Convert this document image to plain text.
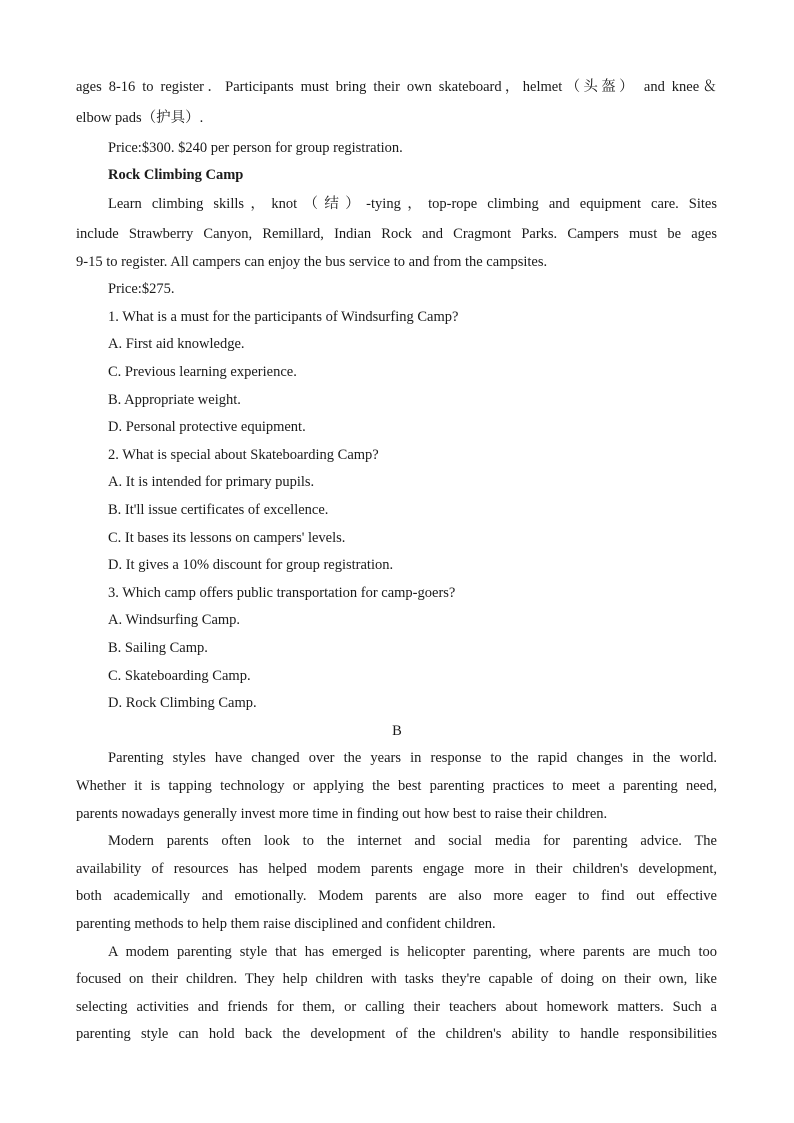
ages 8-16 to register．Participants must bring their own skateboard，helmet（头盔） and knee＆
elbow pads（护具）.
Price:$300. $240 per person for group registration.
Rock Climbing Camp
Learn climbing skills，knot（结）-tying，top-rope climbing and equipment care. Sites
include Strawberry Canyon, Remillard, Indian Rock and Cragmont Parks. Campers must be ages
9-15 to register. All campers can enjoy the bus service to and from the campsites.
Price:$275.
1. What is a must for the participants of Windsurfing Camp?
A. First aid knowledge.
C. Previous learning experience.
B. Appropriate weight.
D. Personal protective equipment.
2. What is special about Skateboarding Camp?
A. It is intended for primary pupils.
B. It'll issue certificates of excellence.
C. It bases its lessons on campers' levels.
D. It gives a 10% discount for group registration.
3. Which camp offers public transportation for camp-goers?
A. Windsurfing Camp.
B. Sailing Camp.
C. Skateboarding Camp.
D. Rock Climbing Camp.
B
Parenting styles have changed over the years in response to the rapid changes in the world.
Whether it is tapping technology or applying the best parenting practices to meet a parenting need,
parents nowadays generally invest more time in finding out how best to raise their children.
Modern parents often look to the internet and social media for parenting advice. The
availability of resources has helped modem parents engage more in their children's development,
both academically and emotionally. Modem parents are also more eager to find out effective
parenting methods to help them raise disciplined and confident children.
A modem parenting style that has emerged is helicopter parenting, where parents are much too
focused on their children. They help children with tasks they're capable of doing on their own, like
selecting activities and friends for them, or calling their teachers about homework matters. Such a
parenting style can hold back the development of the children's ability to handle responsibilities
